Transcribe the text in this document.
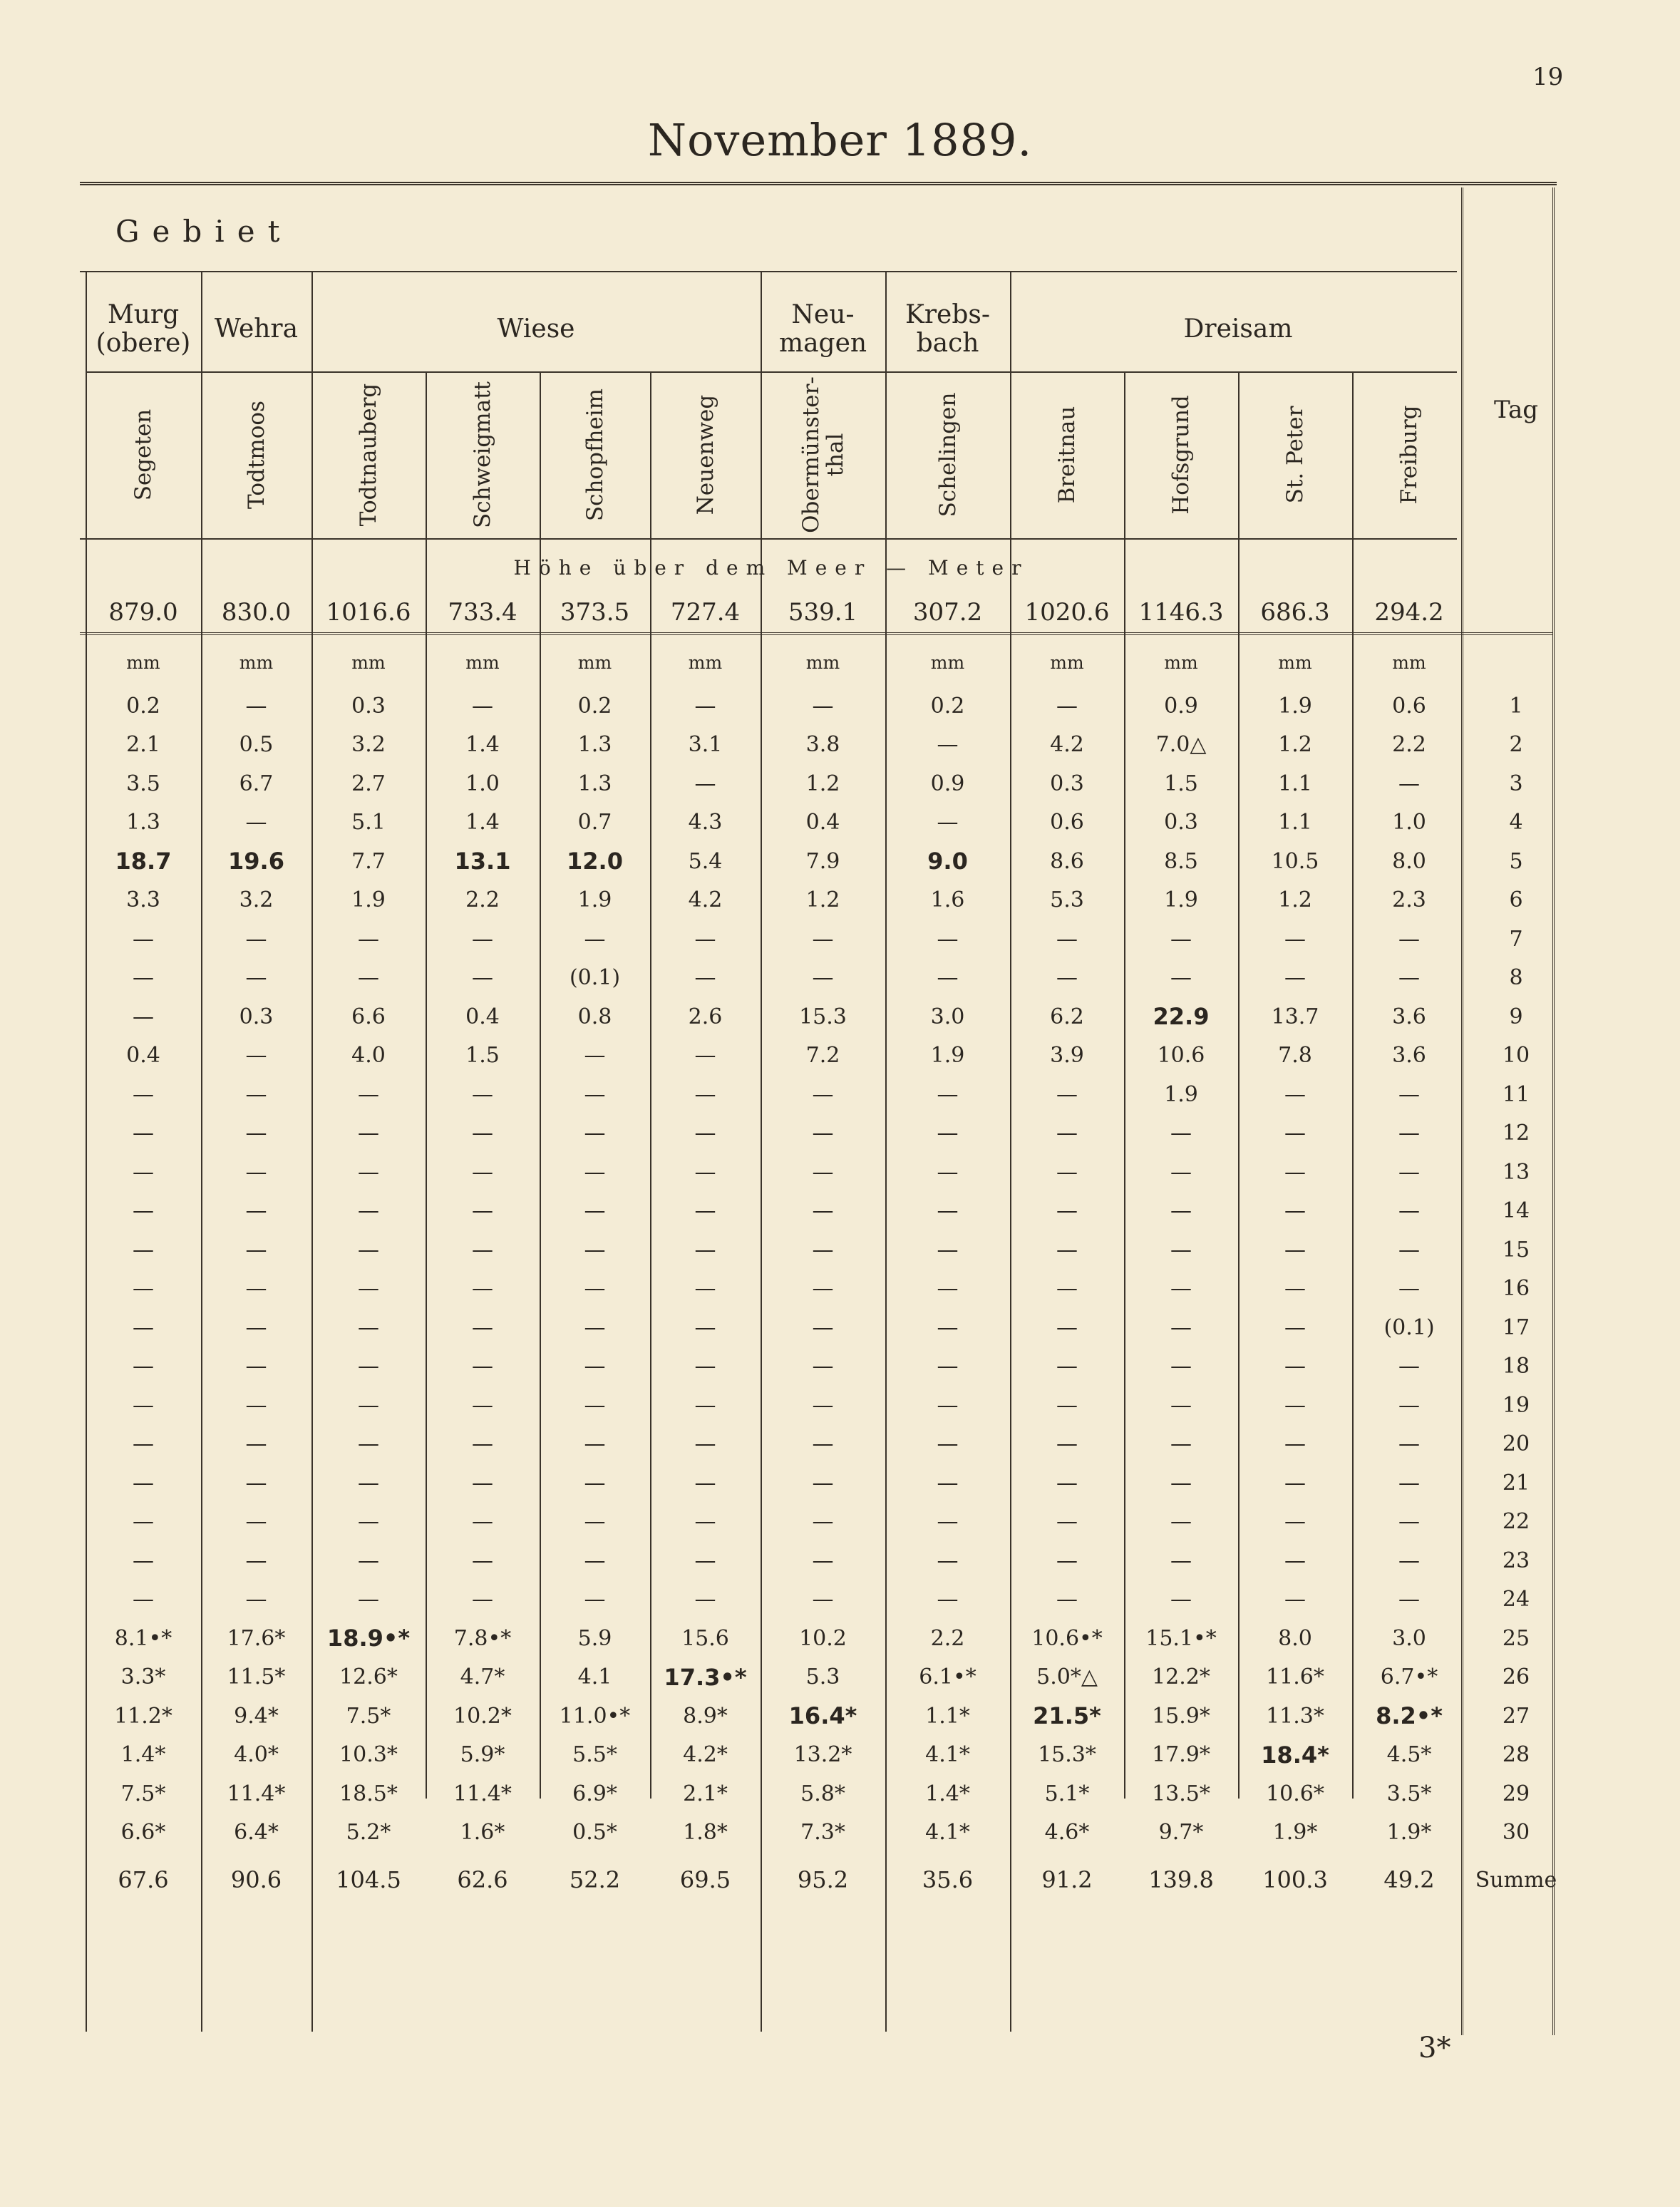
19
November 1889.
Gebiet
Murg (obere) Wehra	Wiese	Neu- magen
Krebs- bach	Dreisam
Segeten	Todtmoos	Todtnauberg	Schweigmatt	Schopfheim	Neuenweg	Obermünster- thal	Schelingen	Breitnau	Hofsgrund	St. Peter	Freiburg	Tag
Höhe über dem Meer — Meter
879.0	830.0	1016.6	733.4	373.5	727.4	539.1	307.2	1020.6	1146.3	686.3	294.2
mm	mm	mm	mm	mm	mm	mm	mm	mm	mm	mm	mm
0.2	—	0.3	—	0.2	—	—	0.2	—	0.9	1.9	0.6	1
2.1	0.5	3.2	1.4	1.3	3.1	3.8	—	4.2	7.0△	1.2	2.2	2
3.5	6.7	2.7	1.0	1.3	—	1.2	0.9	0.3	1.5	1.1	—	3
1.3	—	5.1	1.4	0.7	4.3	0.4	—	0.6	0.3	1.1	1.0	4
18.7	19.6	7.7	13.1	12.0	5.4	7.9	9.0	8.6	8.5	10.5	8.0	5
3.3	3.2	1.9	2.2	1.9	4.2	1.2	1.6	5.3	1.9	1.2	2.3	6
—	—	—	—	—	—	—	—	—	—	—	—	7
—	—	—	—	(0.1)	—	—	—	—	—	—	—	8
—	0.3	6.6	0.4	0.8	2.6	15.3	3.0	6.2	22.9	13.7	3.6	9
0.4	—	4.0	1.5	—	—	7.2	1.9	3.9	10.6	7.8	3.6	10
—	—	—	—	—	—	—	—	—	1.9	—	—	11
—	—	—	—	—	—	—	—	—	—	—	—	12
—	—	—	—	—	—	—	—	—	—	—	—	13
—	—	—	—	—	—	—	—	—	—	—	—	14
—	—	—	—	—	—	—	—	—	—	—	—	15
—	—	—	—	—	—	—	—	—	—	—	—	16
—	—	—	—	—	—	—	—	—	—	—	(0.1)	17
—	—	—	—	—	—	—	—	—	—	—	—	18
—	—	—	—	—	—	—	—	—	—	—	—	19
—	—	—	—	—	—	—	—	—	—	—	—	20
—	—	—	—	—	—	—	—	—	—	—	—	21
—	—	—	—	—	—	—	—	—	—	—	—	22
—	—	—	—	—	—	—	—	—	—	—	—	23
—	—	—	—	—	—	—	—	—	—	—	—	24
8.1•*	17.6*	18.9•*	7.8•*	5.9	15.6	10.2	2.2	10.6•*	15.1•*	8.0	3.0	25
3.3*	11.5*	12.6*	4.7*	4.1	17.3•*	5.3	6.1•*	5.0*△	12.2*	11.6*	6.7•*	26
11.2*	9.4*	7.5*	10.2*	11.0•*	8.9*	16.4*	1.1*	21.5*	15.9*	11.3*	8.2•*	27
1.4*	4.0*	10.3*	5.9*	5.5*	4.2*	13.2*	4.1*	15.3*	17.9*	18.4*	4.5*	28
7.5*	11.4*	18.5*	11.4*	6.9*	2.1*	5.8*	1.4*	5.1*	13.5*	10.6*	3.5*	29
6.6*	6.4*	5.2*	1.6*	0.5*	1.8*	7.3*	4.1*	4.6*	9.7*	1.9*	1.9*	30
67.6	90.6	104.5	62.6	52.2	69.5	95.2	35.6	91.2	139.8	100.3	49.2	Summe
3*
